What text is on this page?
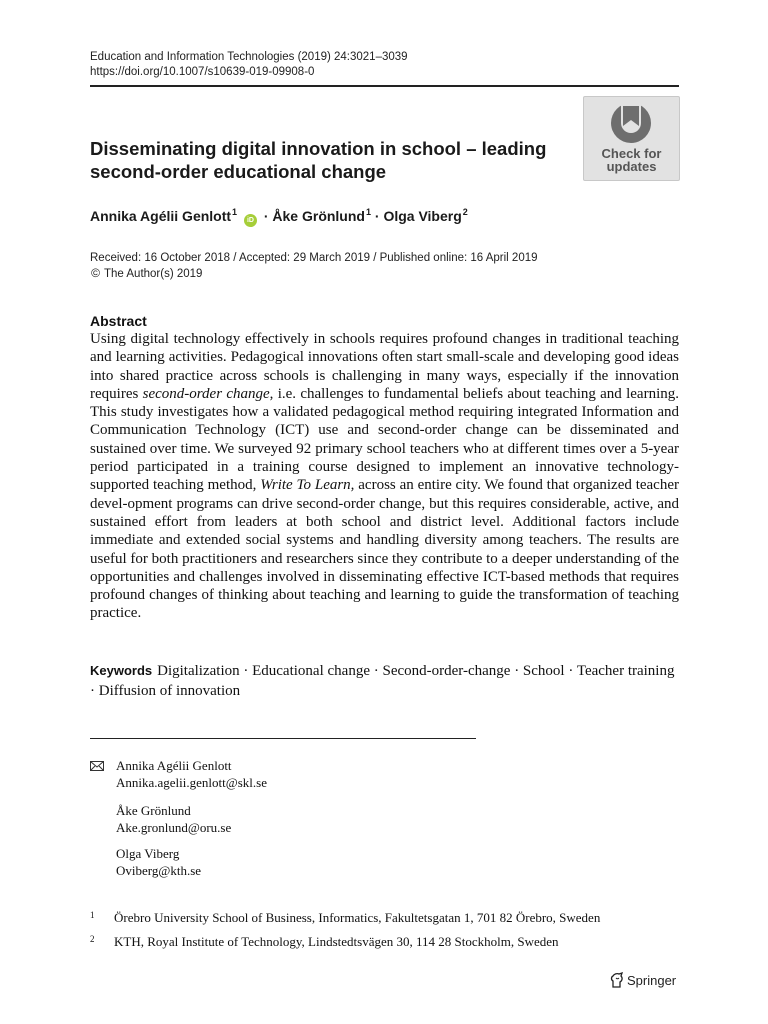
Education and Information Technologies (2019) 24:3021–3039
https://doi.org/10.1007/s10639-019-09908-0
Disseminating digital innovation in school – leading
second-order educational change
Check for
updates
Annika Agélii Genlott$^1$ iD · Åke Grönlund$^1$ · Olga Viberg$^2$
Received: 16 October 2018 / Accepted: 29 March 2019 / Published online: 16 April 2019
© The Author(s) 2019
Abstract
Using digital technology effectively in schools requires profound changes in traditional teaching and learning activities. Pedagogical innovations often start small-scale and developing good ideas into shared practice across schools is challenging in many ways, especially if the innovation requires second-order change, i.e. challenges to fundamental beliefs about teaching and learning. This study investigates how a validated pedagogical method requiring integrated Information and Communication Technology (ICT) use and second-order change can be disseminated and sustained over time. We surveyed 92 primary school teachers who at different times over a 5-year period participated in a training course designed to implement an innovative technology-supported teaching method, Write To Learn, across an entire city. We found that organized teacher devel-opment programs can drive second-order change, but this requires considerable, active, and sustained effort from leaders at both school and district level. Additional factors include immediate and extended social systems and handling diversity among teachers. The results are useful for both practitioners and researchers since they contribute to a deeper understanding of the opportunities and challenges involved in disseminating effective ICT-based methods that requires profound changes of thinking about teaching and learning to guide the transformation of teaching practice.
Keywords Digitalization · Educational change · Second-order-change · School · Teacher training · Diffusion of innovation
Annika Agélii Genlott
Annika.agelii.genlott@skl.se
Åke Grönlund
Ake.gronlund@oru.se
Olga Viberg
Oviberg@kth.se
1 Örebro University School of Business, Informatics, Fakultetsgatan 1, 701 82 Örebro, Sweden
2 KTH, Royal Institute of Technology, Lindstedtsvägen 30, 114 28 Stockholm, Sweden
Springer
